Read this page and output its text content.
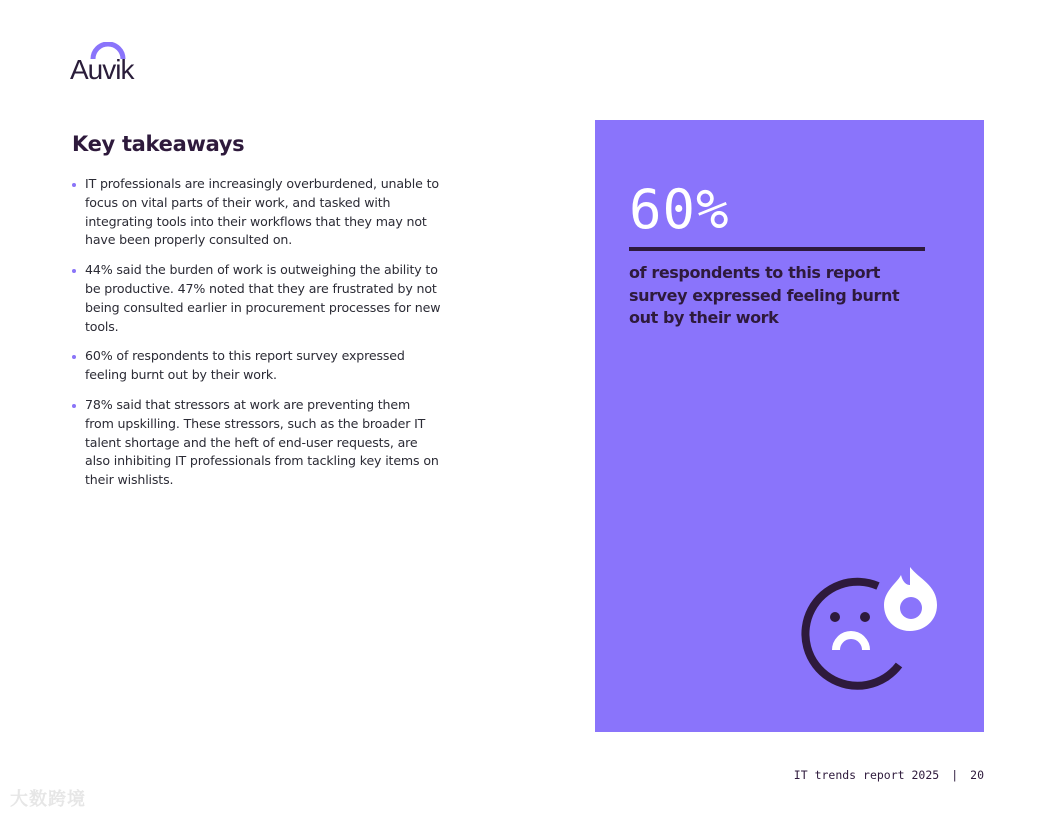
Auvik
Key takeaways
IT professionals are increasingly overburdened, unable to focus on vital parts of their work, and tasked with integrating tools into their workflows that they may not have been properly consulted on.
44% said the burden of work is outweighing the ability to be productive. 47% noted that they are frustrated by not being consulted earlier in procurement processes for new tools.
60% of respondents to this report survey expressed feeling burnt out by their work.
78% said that stressors at work are preventing them from upskilling. These stressors, such as the broader IT talent shortage and the heft of end-user requests, are also inhibiting IT professionals from tackling key items on their wishlists.
60%
of respondents to this report survey expressed feeling burnt out by their work
IT trends report 2025 | 20
大数跨境
